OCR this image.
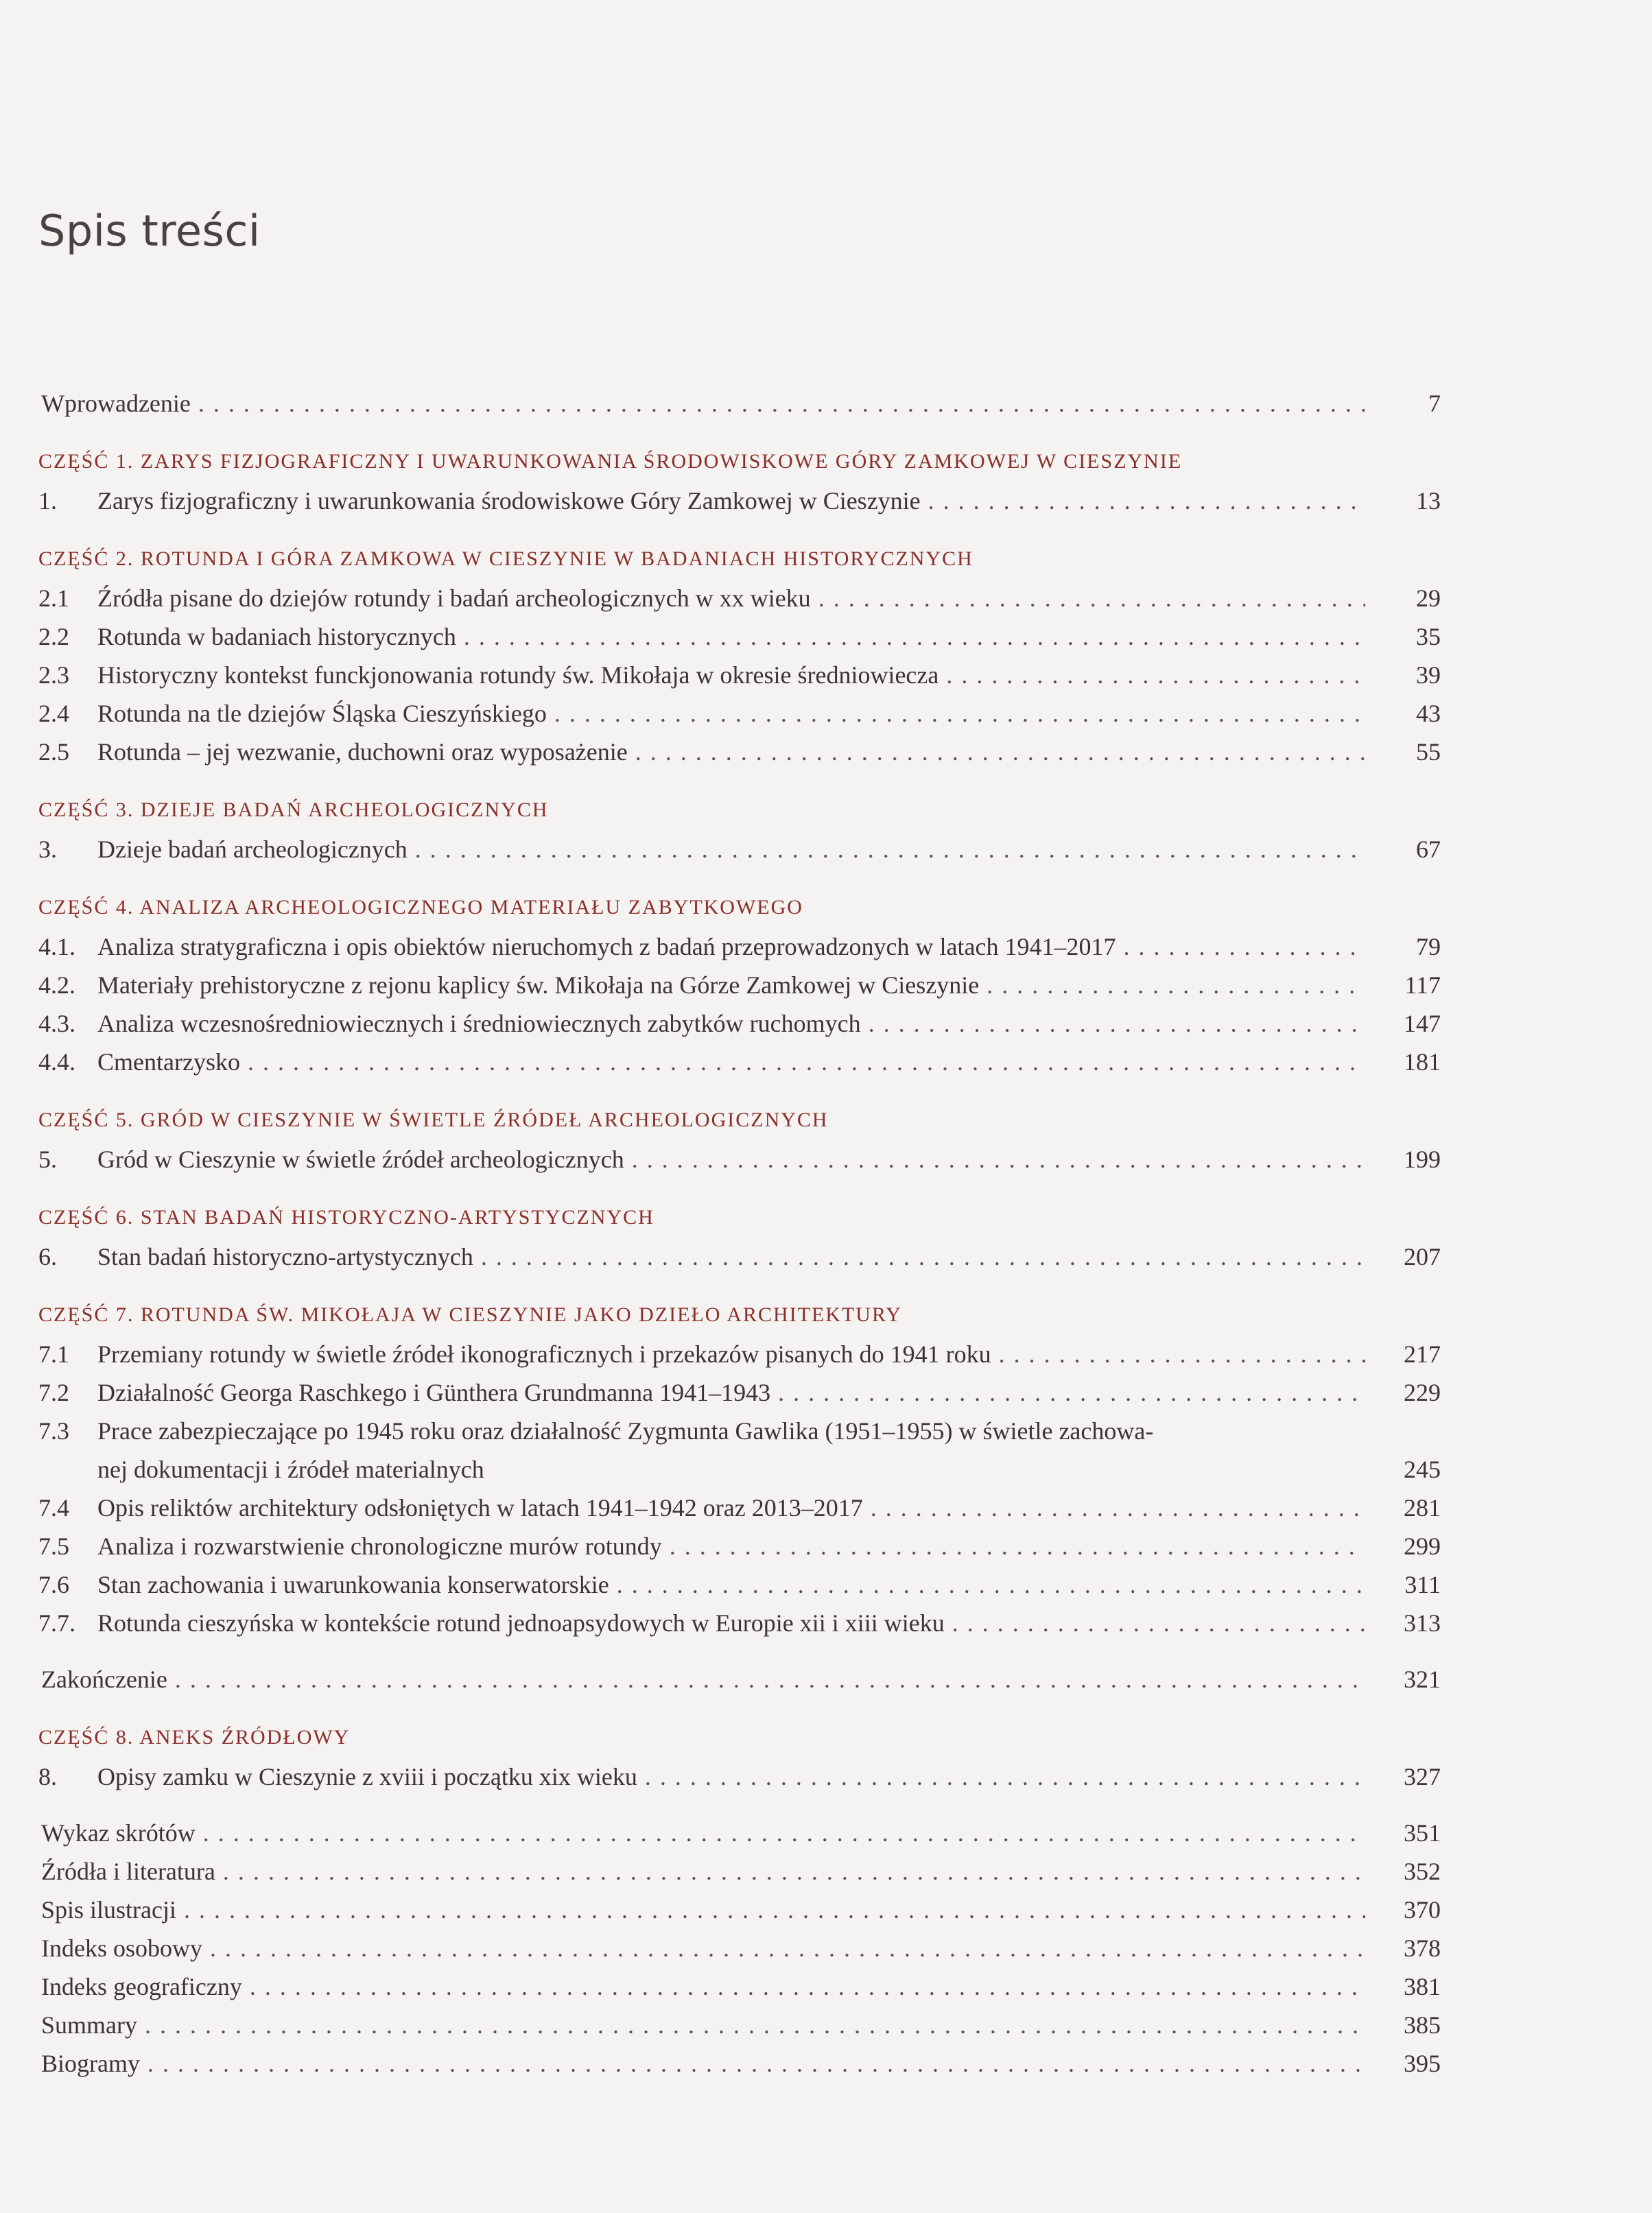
Spis treści
Wprowadzenie . . .	7
CZĘŚĆ 1. ZARYS FIZJOGRAFICZNY I UWARUNKOWANIA ŚRODOWISKOWE GÓRY ZAMKOWEJ W CIESZYNIE
1.	Zarys fizjograficzny i uwarunkowania środowiskowe Góry Zamkowej w Cieszynie . . .	13
CZĘŚĆ 2. ROTUNDA I GÓRA ZAMKOWA W CIESZYNIE W BADANIACH HISTORYCZNYCH
2.1	Źródła pisane do dziejów rotundy i badań archeologicznych w xx wieku . . .	29
2.2	Rotunda w badaniach historycznych . . .	35
2.3	Historyczny kontekst funckjonowania rotundy św. Mikołaja w okresie średniowiecza . . .	39
2.4	Rotunda na tle dziejów Śląska Cieszyńskiego . . .	43
2.5	Rotunda – jej wezwanie, duchowni oraz wyposażenie . . .	55
CZĘŚĆ 3. DZIEJE BADAŃ ARCHEOLOGICZNYCH
3.	Dzieje badań archeologicznych . . .	67
CZĘŚĆ 4. ANALIZA ARCHEOLOGICZNEGO MATERIAŁU ZABYTKOWEGO
4.1. Analiza stratygraficzna i opis obiektów nieruchomych z badań przeprowadzonych w latach 1941–2017 . . .	79
4.2. Materiały prehistoryczne z rejonu kaplicy św. Mikołaja na Górze Zamkowej w Cieszynie . . .	117
4.3. Analiza wczesnośredniowiecznych i średniowiecznych zabytków ruchomych . . .	147
4.4. Cmentarzysko . . .	181
CZĘŚĆ 5. GRÓD W CIESZYNIE W ŚWIETLE ŹRÓDEŁ ARCHEOLOGICZNYCH
5.	Gród w Cieszynie w świetle źródeł archeologicznych . . .	199
CZĘŚĆ 6. STAN BADAŃ HISTORYCZNO-ARTYSTYCZNYCH
6.	Stan badań historyczno-artystycznych . . .	207
CZĘŚĆ 7. ROTUNDA ŚW. MIKOŁAJA W CIESZYNIE JAKO DZIEŁO ARCHITEKTURY
7.1	Przemiany rotundy w świetle źródeł ikonograficznych i przekazów pisanych do 1941 roku . . .	217
7.2	Działalność Georga Raschkego i Günthera Grundmanna 1941–1943 . . .	229
7.3	Prace zabezpieczające po 1945 roku oraz działalność Zygmunta Gawlika (1951–1955) w świetle zachowa-
nej dokumentacji i źródeł materialnych	245
7.4	Opis reliktów architektury odsłoniętych w latach 1941–1942 oraz 2013–2017 . . .	281
7.5	Analiza i rozwarstwienie chronologiczne murów rotundy . . .	299
7.6	Stan zachowania i uwarunkowania konserwatorskie . . .	311
7.7. Rotunda cieszyńska w kontekście rotund jednoapsydowych w Europie xii i xiii wieku . . .	313
Zakończenie . . .	321
CZĘŚĆ 8. ANEKS ŹRÓDŁOWY
8.	Opisy zamku w Cieszynie z xviii i początku xix wieku . . .	327
Wykaz skrótów . . .	351
Źródła i literatura . . .	352
Spis ilustracji . . .	370
Indeks osobowy . . .	378
Indeks geograficzny . . .	381
Summary . . .	385
Biogramy . . .	395
